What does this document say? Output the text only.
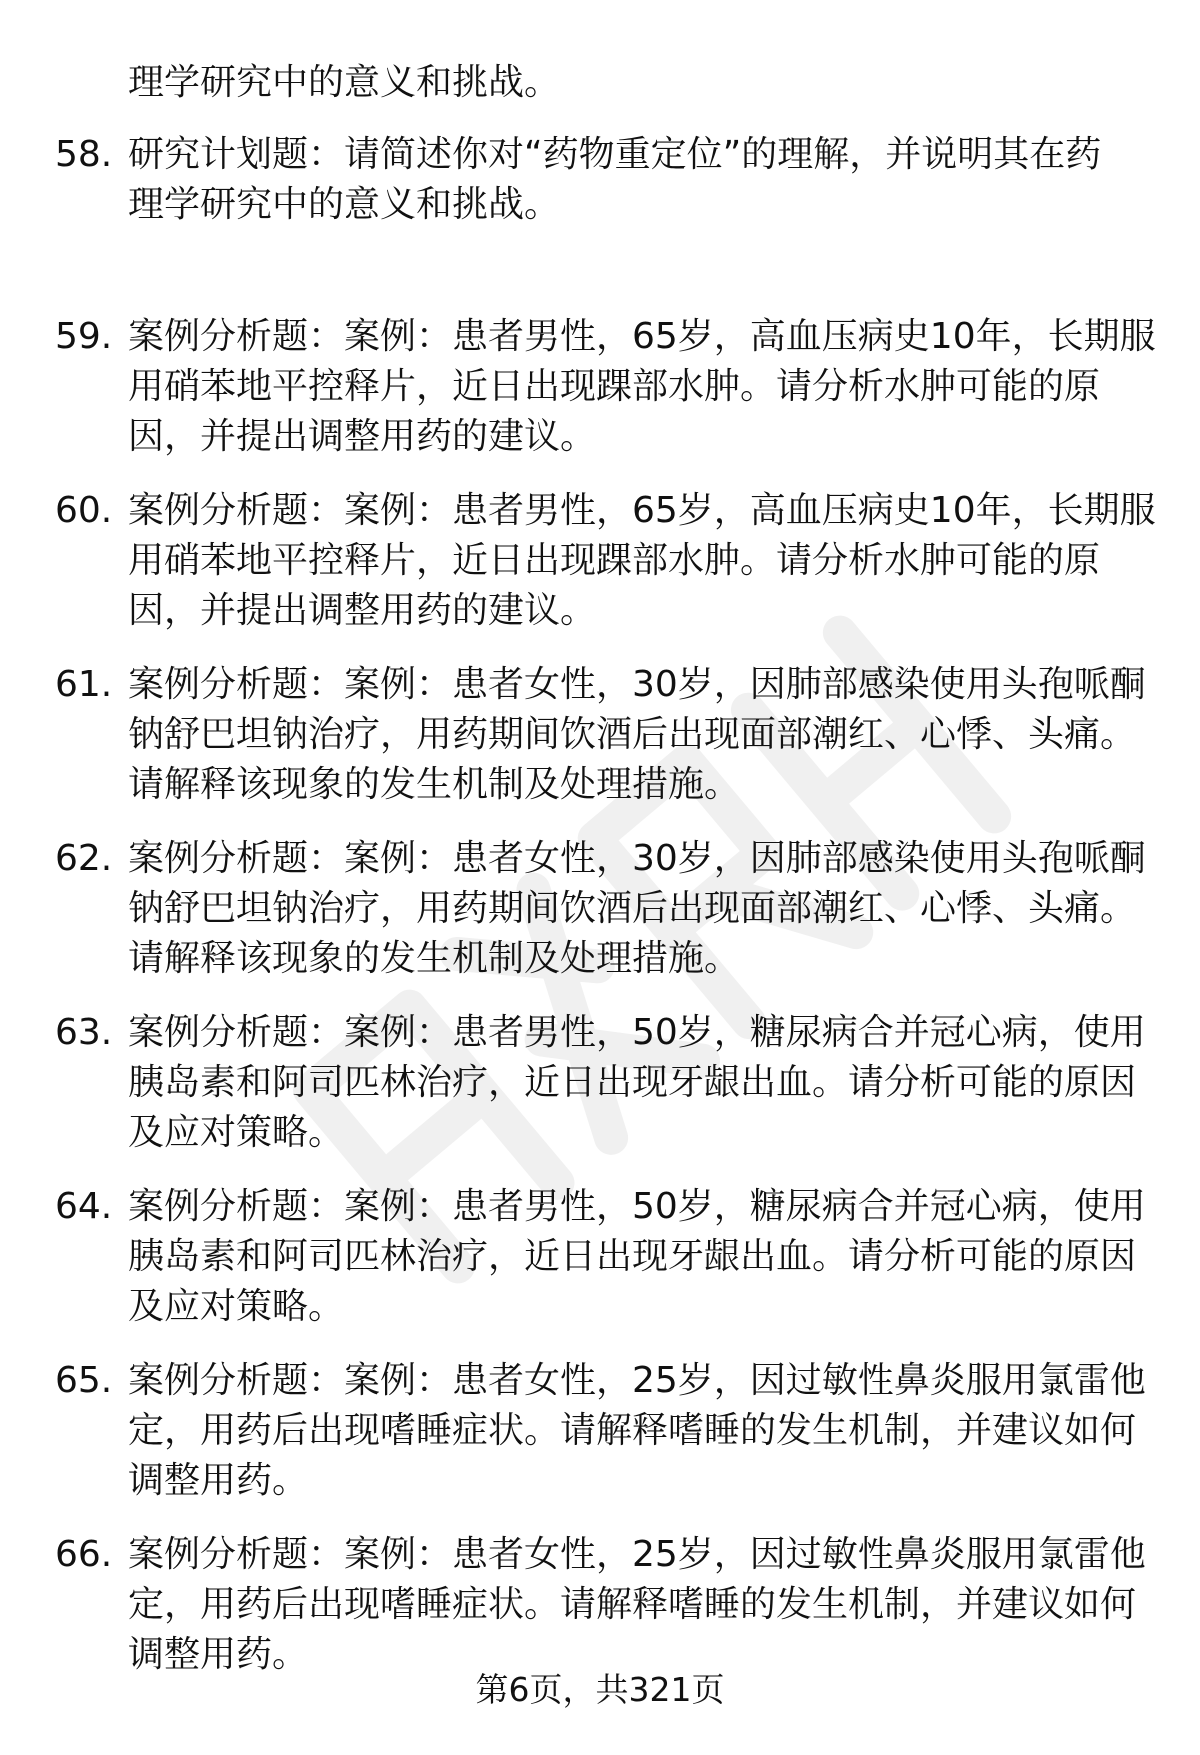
理学研究中的意义和挑战。
58. 研究计划题：请简述你对“药物重定位”的理解，并说明其在药
理学研究中的意义和挑战。
59. 案例分析题：案例：患者男性，65岁，高血压病史10年，长期服
用硝苯地平控释片，近日出现踝部水肿。请分析水肿可能的原
因，并提出调整用药的建议。
60. 案例分析题：案例：患者男性，65岁，高血压病史10年，长期服
用硝苯地平控释片，近日出现踝部水肿。请分析水肿可能的原
因，并提出调整用药的建议。
61. 案例分析题：案例：患者女性，30岁，因肺部感染使用头孢哌酮
钠舒巴坦钠治疗，用药期间饮酒后出现面部潮红、心悸、头痛。
请解释该现象的发生机制及处理措施。
62. 案例分析题：案例：患者女性，30岁，因肺部感染使用头孢哌酮
钠舒巴坦钠治疗，用药期间饮酒后出现面部潮红、心悸、头痛。
请解释该现象的发生机制及处理措施。
63. 案例分析题：案例：患者男性，50岁，糖尿病合并冠心病，使用
胰岛素和阿司匹林治疗，近日出现牙龈出血。请分析可能的原因
及应对策略。
64. 案例分析题：案例：患者男性，50岁，糖尿病合并冠心病，使用
胰岛素和阿司匹林治疗，近日出现牙龈出血。请分析可能的原因
及应对策略。
65. 案例分析题：案例：患者女性，25岁，因过敏性鼻炎服用氯雷他
定，用药后出现嗜睡症状。请解释嗜睡的发生机制，并建议如何
调整用药。
66. 案例分析题：案例：患者女性，25岁，因过敏性鼻炎服用氯雷他
定，用药后出现嗜睡症状。请解释嗜睡的发生机制，并建议如何
调整用药。
第6页，共321页
